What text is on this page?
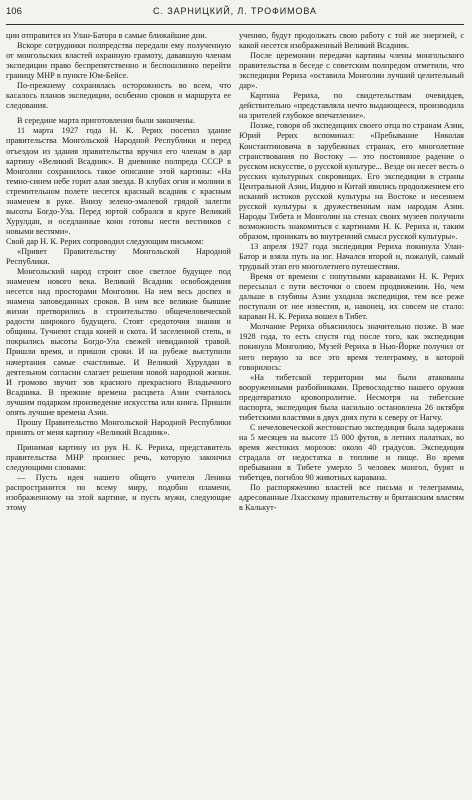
106	С. ЗАРНИЦКИЙ, Л. ТРОФИМОВА

ции отправится из Улан-Батора в самые ближайшие дни.

Вскоре сотрудники полпредства передали ему полученную от монгольских властей охранную грамоту, дававшую членам экспедиции право беспрепятственно и беспошлинно перейти границу МНР в пункте Юм-Бейсе.

По-прежнему сохранялась осторожность во всем, что касалось планов экспедиции, особенно сроков и маршрута ее следования.

В середине марта приготовления были закончены.

11 марта 1927 года Н. К. Рерих посетил здание правительства Монгольской Народной Республики и перед отъездом из здания правительства вручил его членам в дар картину «Великий Всадник». В дневнике полпреда СССР в Монголии сохранилось такое описание этой картины: «На темно-синем небе горит алая звезда. В клубах огня и молнии в стремительном полете несется красный всадник с красным знаменем в руке. Внизу зелено-эмалевой грядой залегли высоты Богдо-Ула. Перед юртой собрался в круге Великий Хурулдан, и оседланные кони готовы нести вестников с новыми вестями».

Свой дар Н. К. Рерих сопроводил следующим письмом:

«Привет Правительству Монгольской Народной Республики.

Монгольский народ строит свое светлое будущее под знаменем нового века. Великий Всадник освобождения несется над просторами Монголии. На нем весь доспех и знамена заповеданных сроков. В нем все великие бывшие жизни претворились в строительство общечеловеческой радости широкого будущего. Стоят средоточия знания и общины. Тучнеют стада коней и скота. И заселенной степь, и покрылись высоты Богдо-Ула свежей невиданной травой. Пришли время, и пришли сроки. И на рубеже выступили начертания самые счастливые. И Великий Хурулдан в деятельном согласии слагает решения новой народной жизни. И громово звучит зов красного прекрасного Владычного Всадника. В прежние времена расцвета Азии считалось лучшим подарком произведение искусства или книга. Пришли опять лучшие времена Азии.

Прошу Правительство Монгольской Народной Республики принять от меня картину «Великий Всадник».

Принимая картину из рук Н. К. Рериха, представитель правительства МНР произнес речь, которую закончил следующими словами:

— Пусть идея нашего общего учителя Ленина распространится по всему миру, подобно пламени, изображенному на этой картине, и пусть мужи, следующие этому

учению, будут продолжать свою работу с той же энергией, с какой несется изображенный Великий Всадник.

После церемонии передачи картины члены монгольского правительства в беседе с советским полпредом отметили, что экспедиция Рериха «оставила Монголии лучший целительный дар».

Картина Рериха, по свидетельствам очевидцев, действительно «представляла нечто выдающееся, производила на зрителей глубокое впечатление».

Позже, говоря об экспедициях своего отца по странам Азии, Юрий Рерих вспоминал: «Пребывание Николая Константиновича в зарубежных странах, его многолетние странствования по Востоку — это постоянное радение о русском искусстве, о русской культуре... Везде он несет весть о русских культурных сокровищах. Его экспедиции в страны Центральной Азии, Индию и Китай явились продолжением его исканий истоков русской культуры на Востоке и несением русской культуры к дружественным нам народам Азии. Народы Тибета и Монголии на стенах своих музеев получили возможность знакомиться с картинами Н. К. Рериха и, таким образом, проникать во внутренний смысл русской культуры».

13 апреля 1927 года экспедиция Рериха покинула Улан-Батор и взяла путь на юг. Начался второй и, пожалуй, самый трудный этап его многолетнего путешествия.

Время от времени с попутными караванами Н. К. Рерих пересылал с пути весточки о своем продвижении. Но, чем дальше в глубины Азии уходила экспедиция, тем все реже поступали от нее известия, и, наконец, их совсем не стало: караван Н. К. Рериха вошел в Тибет.

Молчание Рериха объяснилось значительно позже. В мае 1928 года, то есть спустя год после того, как экспедиция покинула Монголию, Музей Рериха в Нью-Йорке получил от него первую за все это время телеграмму, в которой говорилось:

«На тибетской территории мы были атакованы вооруженными разбойниками. Превосходство нашего оружия предотвратило кровопролитие. Несмотря на тибетские паспорта, экспедиция была насильно остановлена 26 октября тибетскими властями в двух днях пути к северу от Нагчу.

С нечеловеческой жестокостью экспедиция была задержана на 5 месяцев на высоте 15 000 футов, в летних палатках, во время жестоких морозов: около 40 градусов. Экспедиция страдала от недостатка в топливе и пище. Во время пребывания в Тибете умерло 5 человек монгол, бурят и тибетцев, погибло 90 животных каравана.

По распоряжению властей все письма и телеграммы, адресованные Лхасскому правительству и британским властям в Калькут-
